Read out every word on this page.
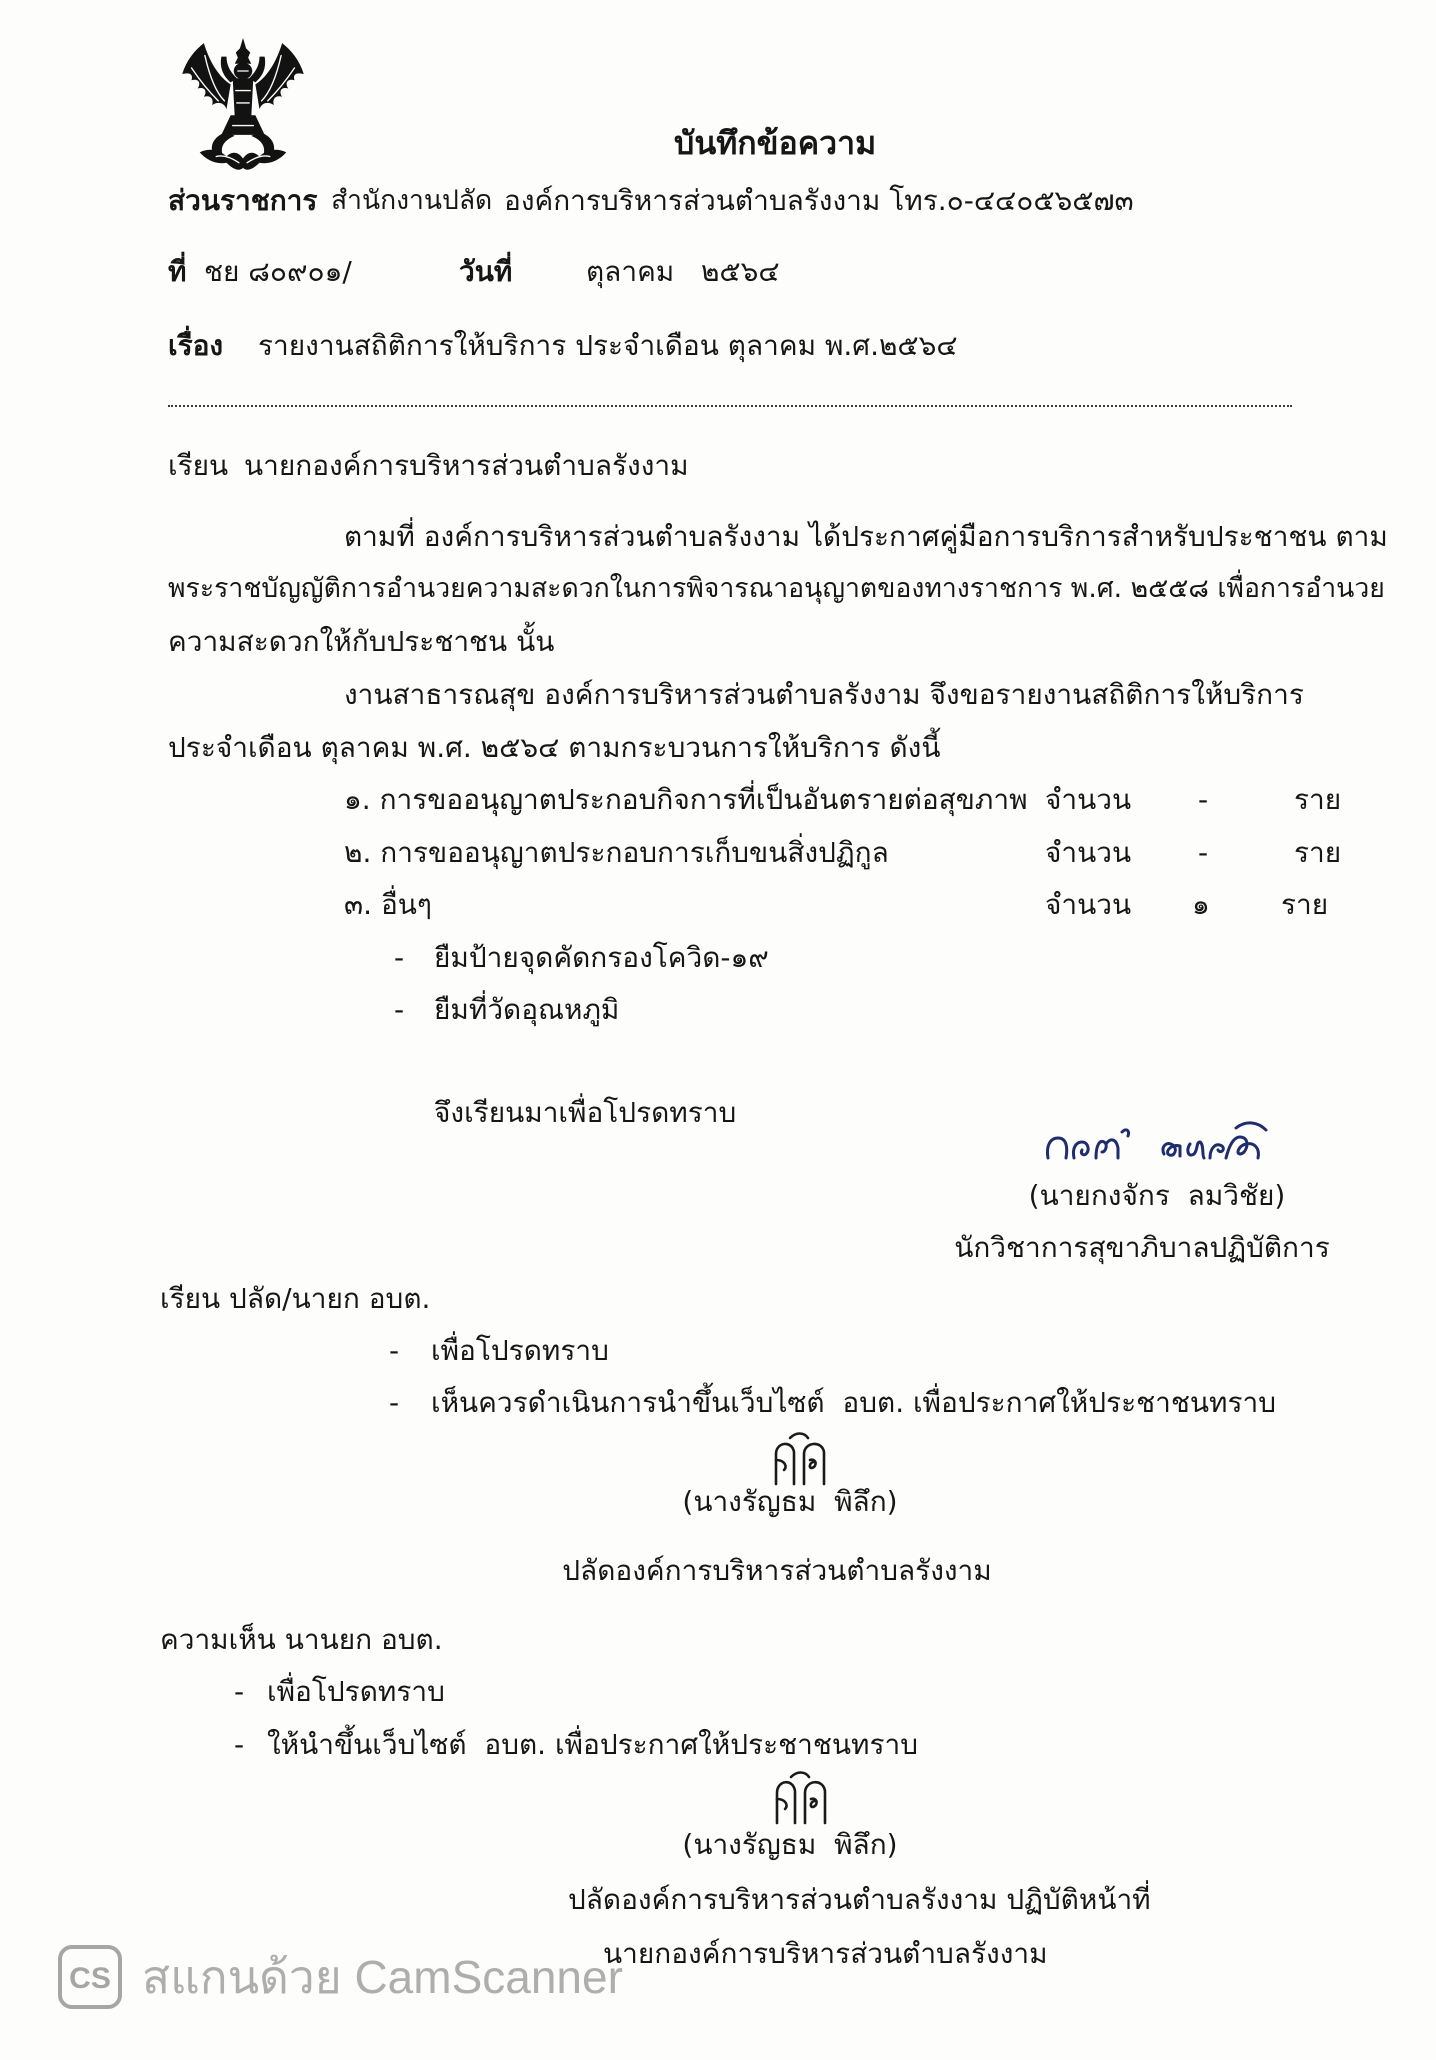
บันทึกข้อความ
ส่วนราชการ สำนักงานปลัด องค์การบริหารส่วนตำบลรังงาม โทร.๐-๔๔๐๕๖๕๗๓
ที่ ชย ๘๐๙๐๑/	วันที่	ตุลาคม   ๒๕๖๔
เรื่อง รายงานสถิติการให้บริการ ประจำเดือน ตุลาคม พ.ศ.๒๕๖๔
เรียน นายกองค์การบริหารส่วนตำบลรังงาม
ตามที่ องค์การบริหารส่วนตำบลรังงาม ได้ประกาศคู่มือการบริการสำหรับประชาชน ตาม
พระราชบัญญัติการอำนวยความสะดวกในการพิจารณาอนุญาตของทางราชการ พ.ศ. ๒๕๕๘ เพื่อการอำนวย
ความสะดวกให้กับประชาชน นั้น
งานสาธารณสุข องค์การบริหารส่วนตำบลรังงาม จึงขอรายงานสถิติการให้บริการ
ประจำเดือน ตุลาคม พ.ศ. ๒๕๖๔ ตามกระบวนการให้บริการ ดังนี้
๑. การขออนุญาตประกอบกิจการที่เป็นอันตรายต่อสุขภาพ จำนวน -	ราย
๒. การขออนุญาตประกอบการเก็บขนสิ่งปฏิกูล	จำนวน -	ราย
๓. อื่นๆ	จำนวน ๑	ราย
- ยืมป้ายจุดคัดกรองโควิด-๑๙
- ยืมที่วัดอุณหภูมิ
จึงเรียนมาเพื่อโปรดทราบ
(นายกงจักร  ลมวิชัย)
นักวิชาการสุขาภิบาลปฏิบัติการ
เรียน ปลัด/นายก อบต.
- เพื่อโปรดทราบ
- เห็นควรดำเนินการนำขึ้นเว็บไซต์  อบต. เพื่อประกาศให้ประชาชนทราบ
(นางรัญธม  พิลึก)
ปลัดองค์การบริหารส่วนตำบลรังงาม
ความเห็น นานยก อบต.
- เพื่อโปรดทราบ
- ให้นำขึ้นเว็บไซต์  อบต. เพื่อประกาศให้ประชาชนทราบ
(นางรัญธม  พิลึก)
ปลัดองค์การบริหารส่วนตำบลรังงาม ปฏิบัติหน้าที่
นายกองค์การบริหารส่วนตำบลรังงาม
CS สแกนด้วย CamScanner
